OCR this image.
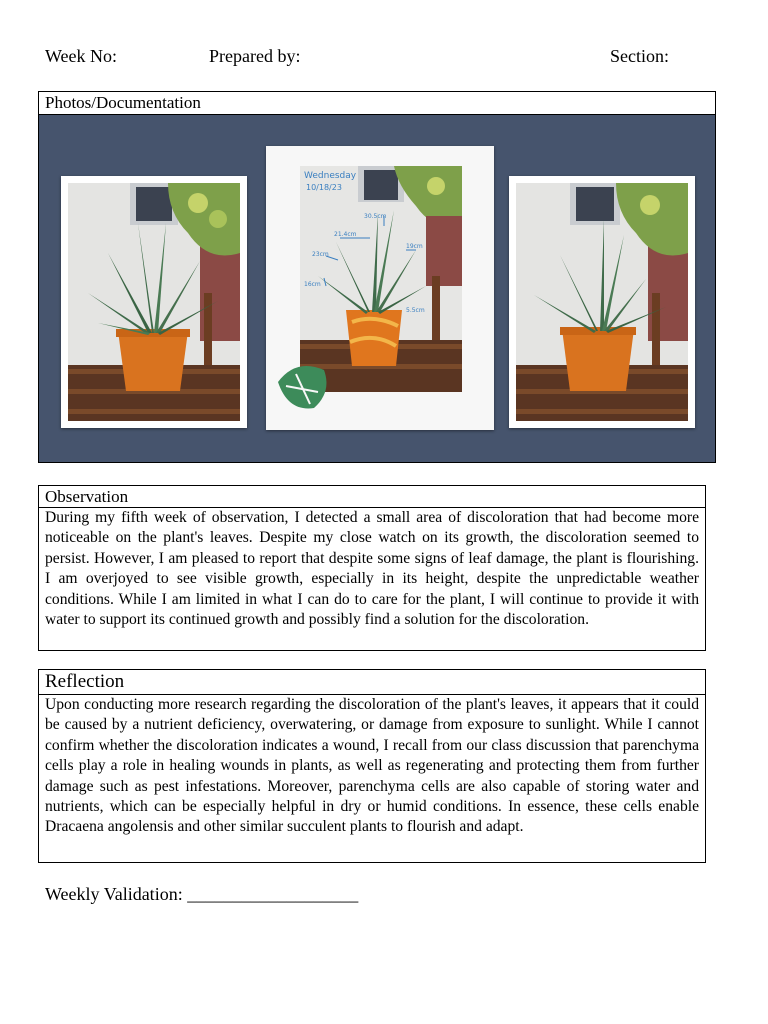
Week No:	Prepared by:	Section:
Photos/Documentation
Wednesday
10/18/23
21.4cm
30.5cm
23cm
16cm
19cm
5.5cm
Observation
During my fifth week of observation, I detected a small area of discoloration that had become more noticeable on the plant's leaves. Despite my close watch on its growth, the discoloration seemed to persist. However, I am pleased to report that despite some signs of leaf damage, the plant is flourishing. I am overjoyed to see visible growth, especially in its height, despite the unpredictable weather conditions. While I am limited in what I can do to care for the plant, I will continue to provide it with water to support its continued growth and possibly find a solution for the discoloration.
Reflection
Upon conducting more research regarding the discoloration of the plant's leaves, it appears that it could be caused by a nutrient deficiency, overwatering, or damage from exposure to sunlight. While I cannot confirm whether the discoloration indicates a wound, I recall from our class discussion that parenchyma cells play a role in healing wounds in plants, as well as regenerating and protecting them from further damage such as pest infestations. Moreover, parenchyma cells are also capable of storing water and nutrients, which can be especially helpful in dry or humid conditions. In essence, these cells enable Dracaena angolensis and other similar succulent plants to flourish and adapt.
Weekly Validation: ___________________
